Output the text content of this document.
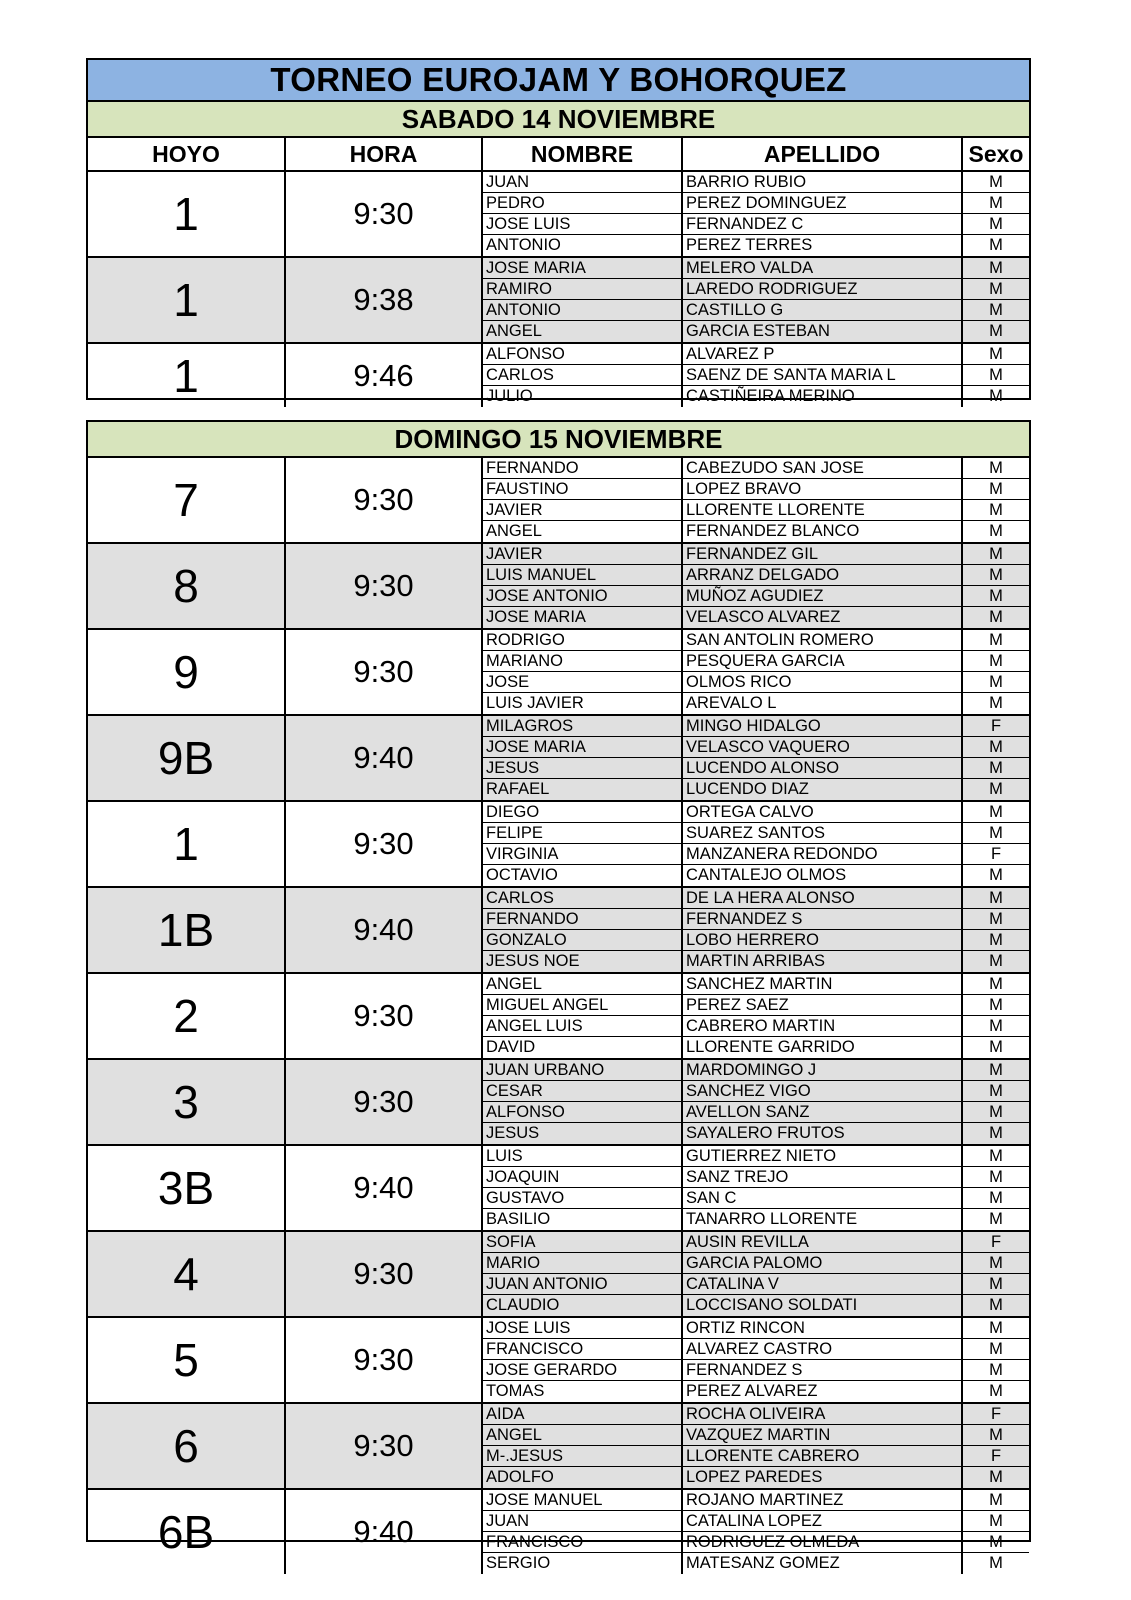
TORNEO EUROJAM Y BOHORQUEZ
SABADO 14 NOVIEMBRE
HOYO	HORA	NOMBRE	APELLIDO	Sexo
1	9:30
JUAN	BARRIO RUBIO	M
PEDRO	PEREZ DOMINGUEZ	M
JOSE LUIS	FERNANDEZ C	M
ANTONIO	PEREZ TERRES	M
1	9:38
JOSE MARIA	MELERO VALDA	M
RAMIRO	LAREDO RODRIGUEZ	M
ANTONIO	CASTILLO G	M
ANGEL	GARCIA ESTEBAN	M
1	9:46
ALFONSO	ALVAREZ P	M
CARLOS	SAENZ DE SANTA MARIA L	M
JULIO	CASTIÑEIRA MERINO	M
DOMINGO 15 NOVIEMBRE
7	9:30
FERNANDO	CABEZUDO SAN JOSE	M
FAUSTINO	LOPEZ BRAVO	M
JAVIER	LLORENTE LLORENTE	M
ANGEL	FERNANDEZ BLANCO	M
8	9:30
JAVIER	FERNANDEZ GIL	M
LUIS MANUEL	ARRANZ DELGADO	M
JOSE ANTONIO	MUÑOZ AGUDIEZ	M
JOSE MARIA	VELASCO ALVAREZ	M
9	9:30
RODRIGO	SAN ANTOLIN ROMERO	M
MARIANO	PESQUERA GARCIA	M
JOSE	OLMOS RICO	M
LUIS JAVIER	AREVALO L	M
9B	9:40
MILAGROS	MINGO HIDALGO	F
JOSE MARIA	VELASCO VAQUERO	M
JESUS	LUCENDO ALONSO	M
RAFAEL	LUCENDO DIAZ	M
1	9:30
DIEGO	ORTEGA CALVO	M
FELIPE	SUAREZ SANTOS	M
VIRGINIA	MANZANERA REDONDO	F
OCTAVIO	CANTALEJO OLMOS	M
1B	9:40
CARLOS	DE LA HERA ALONSO	M
FERNANDO	FERNANDEZ S	M
GONZALO	LOBO HERRERO	M
JESUS NOE	MARTIN ARRIBAS	M
2	9:30
ANGEL	SANCHEZ MARTIN	M
MIGUEL ANGEL	PEREZ SAEZ	M
ANGEL LUIS	CABRERO MARTIN	M
DAVID	LLORENTE GARRIDO	M
3	9:30
JUAN URBANO	MARDOMINGO J	M
CESAR	SANCHEZ VIGO	M
ALFONSO	AVELLON SANZ	M
JESUS	SAYALERO FRUTOS	M
3B	9:40
LUIS	GUTIERREZ NIETO	M
JOAQUIN	SANZ TREJO	M
GUSTAVO	SAN C	M
BASILIO	TANARRO LLORENTE	M
4	9:30
SOFIA	AUSIN REVILLA	F
MARIO	GARCIA PALOMO	M
JUAN ANTONIO	CATALINA V	M
CLAUDIO	LOCCISANO SOLDATI	M
5	9:30
JOSE LUIS	ORTIZ RINCON	M
FRANCISCO	ALVAREZ CASTRO	M
JOSE GERARDO	FERNANDEZ S	M
TOMAS	PEREZ ALVAREZ	M
6	9:30
AIDA	ROCHA OLIVEIRA	F
ANGEL	VAZQUEZ MARTIN	M
M-.JESUS	LLORENTE CABRERO	F
ADOLFO	LOPEZ PAREDES	M
6B	9:40
JOSE MANUEL	ROJANO MARTINEZ	M
JUAN	CATALINA LOPEZ	M
FRANCISCO	RODRIGUEZ OLMEDA	M
SERGIO	MATESANZ GOMEZ	M
